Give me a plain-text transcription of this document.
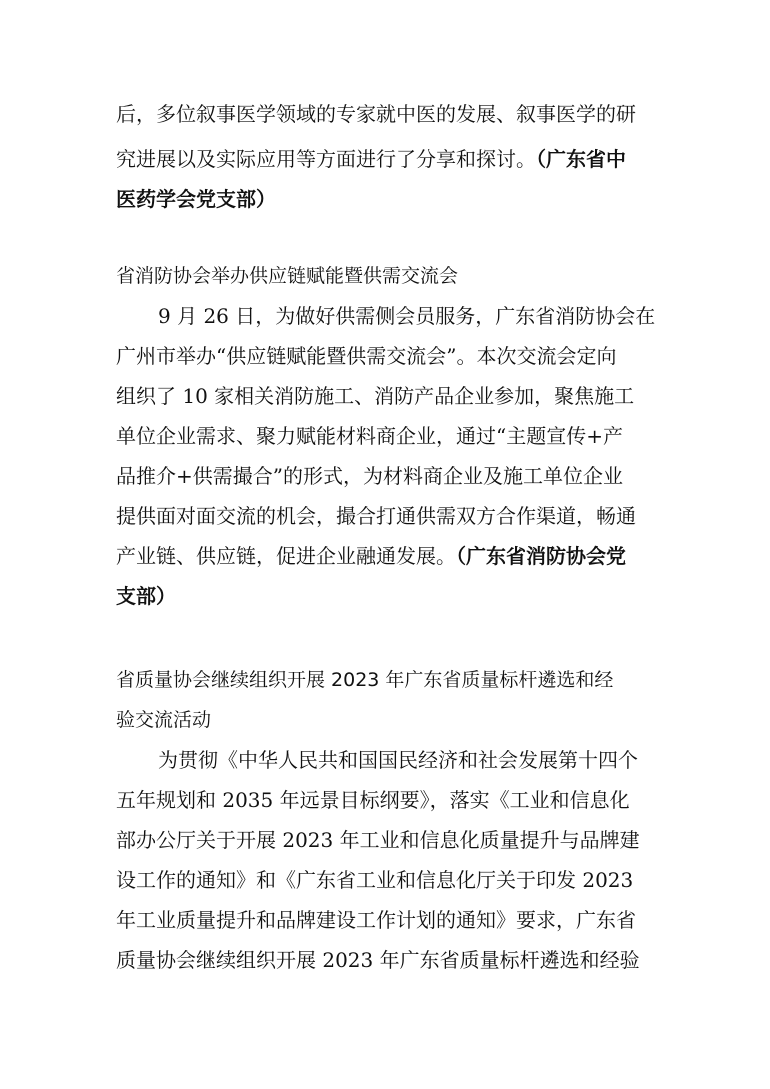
后，多位叙事医学领域的专家就中医的发展、叙事医学的研
究进展以及实际应用等方面进行了分享和探讨。（广东省中
医药学会党支部）
省消防协会举办供应链赋能暨供需交流会
9 月 26 日，为做好供需侧会员服务，广东省消防协会在
广州市举办“供应链赋能暨供需交流会”。本次交流会定向
组织了 10 家相关消防施工、消防产品企业参加，聚焦施工
单位企业需求、聚力赋能材料商企业，通过“主题宣传+产
品推介+供需撮合”的形式，为材料商企业及施工单位企业
提供面对面交流的机会，撮合打通供需双方合作渠道，畅通
产业链、供应链，促进企业融通发展。（广东省消防协会党
支部）
省质量协会继续组织开展 2023 年广东省质量标杆遴选和经
验交流活动
为贯彻《中华人民共和国国民经济和社会发展第十四个
五年规划和 2035 年远景目标纲要》，落实《工业和信息化
部办公厅关于开展 2023 年工业和信息化质量提升与品牌建
设工作的通知》和《广东省工业和信息化厅关于印发 2023
年工业质量提升和品牌建设工作计划的通知》要求，广东省
质量协会继续组织开展 2023 年广东省质量标杆遴选和经验
